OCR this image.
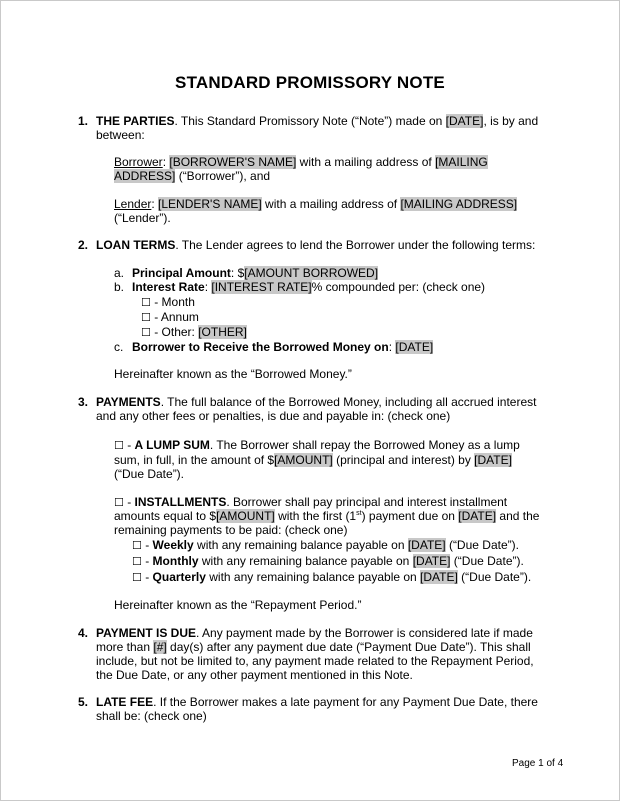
STANDARD PROMISSORY NOTE
1. THE PARTIES. This Standard Promissory Note (“Note”) made on [DATE], is by and
between:
Borrower: [BORROWER'S NAME] with a mailing address of [MAILING
ADDRESS] (“Borrower”), and
Lender: [LENDER'S NAME] with a mailing address of [MAILING ADDRESS]
(“Lender”).
2. LOAN TERMS. The Lender agrees to lend the Borrower under the following terms:
a. Principal Amount: $[AMOUNT BORROWED]
b. Interest Rate: [INTEREST RATE]% compounded per: (check one)
☐ - Month
☐ - Annum
☐ - Other: [OTHER]
c. Borrower to Receive the Borrowed Money on: [DATE]
Hereinafter known as the “Borrowed Money.”
3. PAYMENTS. The full balance of the Borrowed Money, including all accrued interest
and any other fees or penalties, is due and payable in: (check one)
☐ - A LUMP SUM. The Borrower shall repay the Borrowed Money as a lump
sum, in full, in the amount of $[AMOUNT] (principal and interest) by [DATE]
(“Due Date”).
☐ - INSTALLMENTS. Borrower shall pay principal and interest installment
amounts equal to $[AMOUNT] with the first (1st) payment due on [DATE] and the
remaining payments to be paid: (check one)
☐ - Weekly with any remaining balance payable on [DATE] (“Due Date”).
☐ - Monthly with any remaining balance payable on [DATE] (“Due Date”).
☐ - Quarterly with any remaining balance payable on [DATE] (“Due Date”).
Hereinafter known as the “Repayment Period.”
4. PAYMENT IS DUE. Any payment made by the Borrower is considered late if made
more than [#] day(s) after any payment due date (“Payment Due Date”). This shall
include, but not be limited to, any payment made related to the Repayment Period,
the Due Date, or any other payment mentioned in this Note.
5. LATE FEE. If the Borrower makes a late payment for any Payment Due Date, there
shall be: (check one)
Page 1 of 4
